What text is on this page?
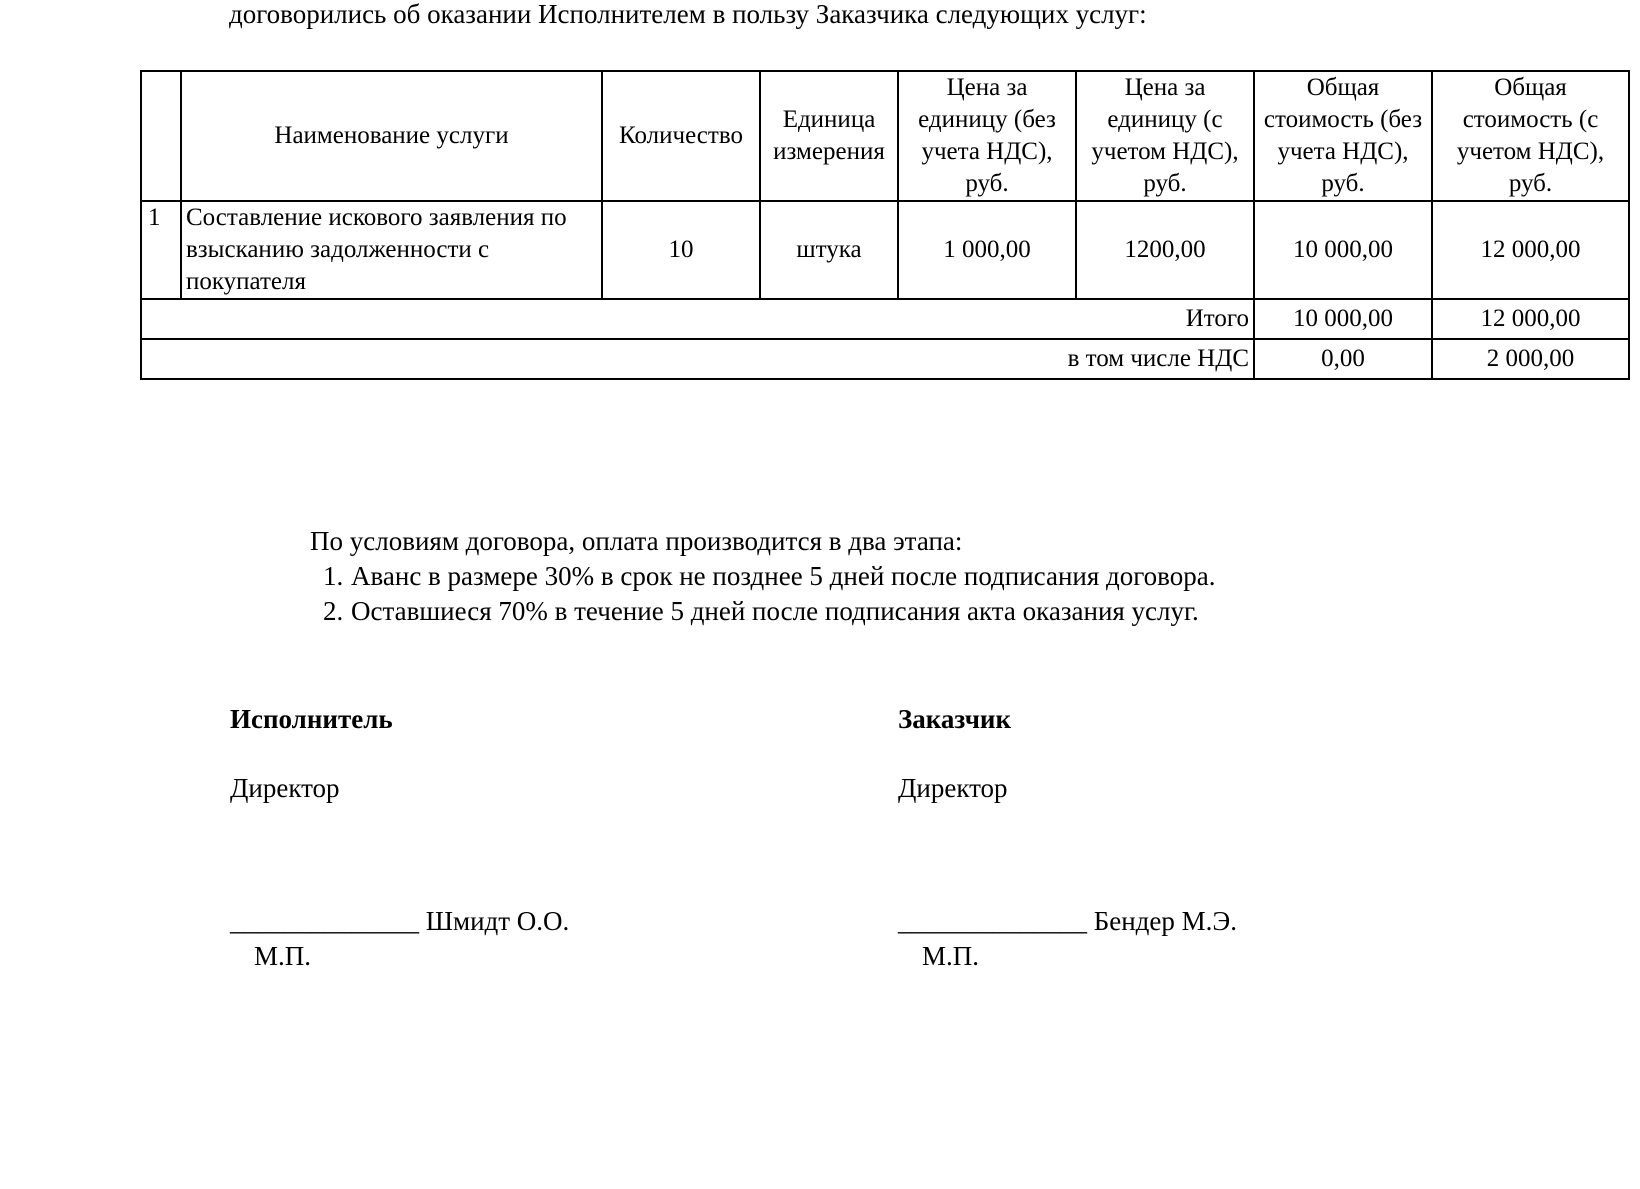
договорились об оказании Исполнителем в пользу Заказчика следующих услуг:
	Наименование услуги	Количество	Единица измерения	Цена за единицу (без учета НДС), руб.	Цена за единицу (с учетом НДС), руб.	Общая стоимость (без учета НДС), руб.	Общая стоимость (с учетом НДС), руб.
1	Составление искового заявления по взысканию задолженности с покупателя	10	штука	1 000,00	1200,00	10 000,00	12 000,00
Итого						10 000,00	12 000,00
в том числе НДС						0,00	2 000,00
По условиям договора, оплата производится в два этапа:
1. Аванс в размере 30% в срок не позднее 5 дней после подписания договора.
2. Оставшиеся 70% в течение 5 дней после подписания акта оказания услуг.

Исполнитель

Директор

______________ Шмидт О.О.

М.П.

Заказчик

Директор

______________ Бендер М.Э.

М.П.
